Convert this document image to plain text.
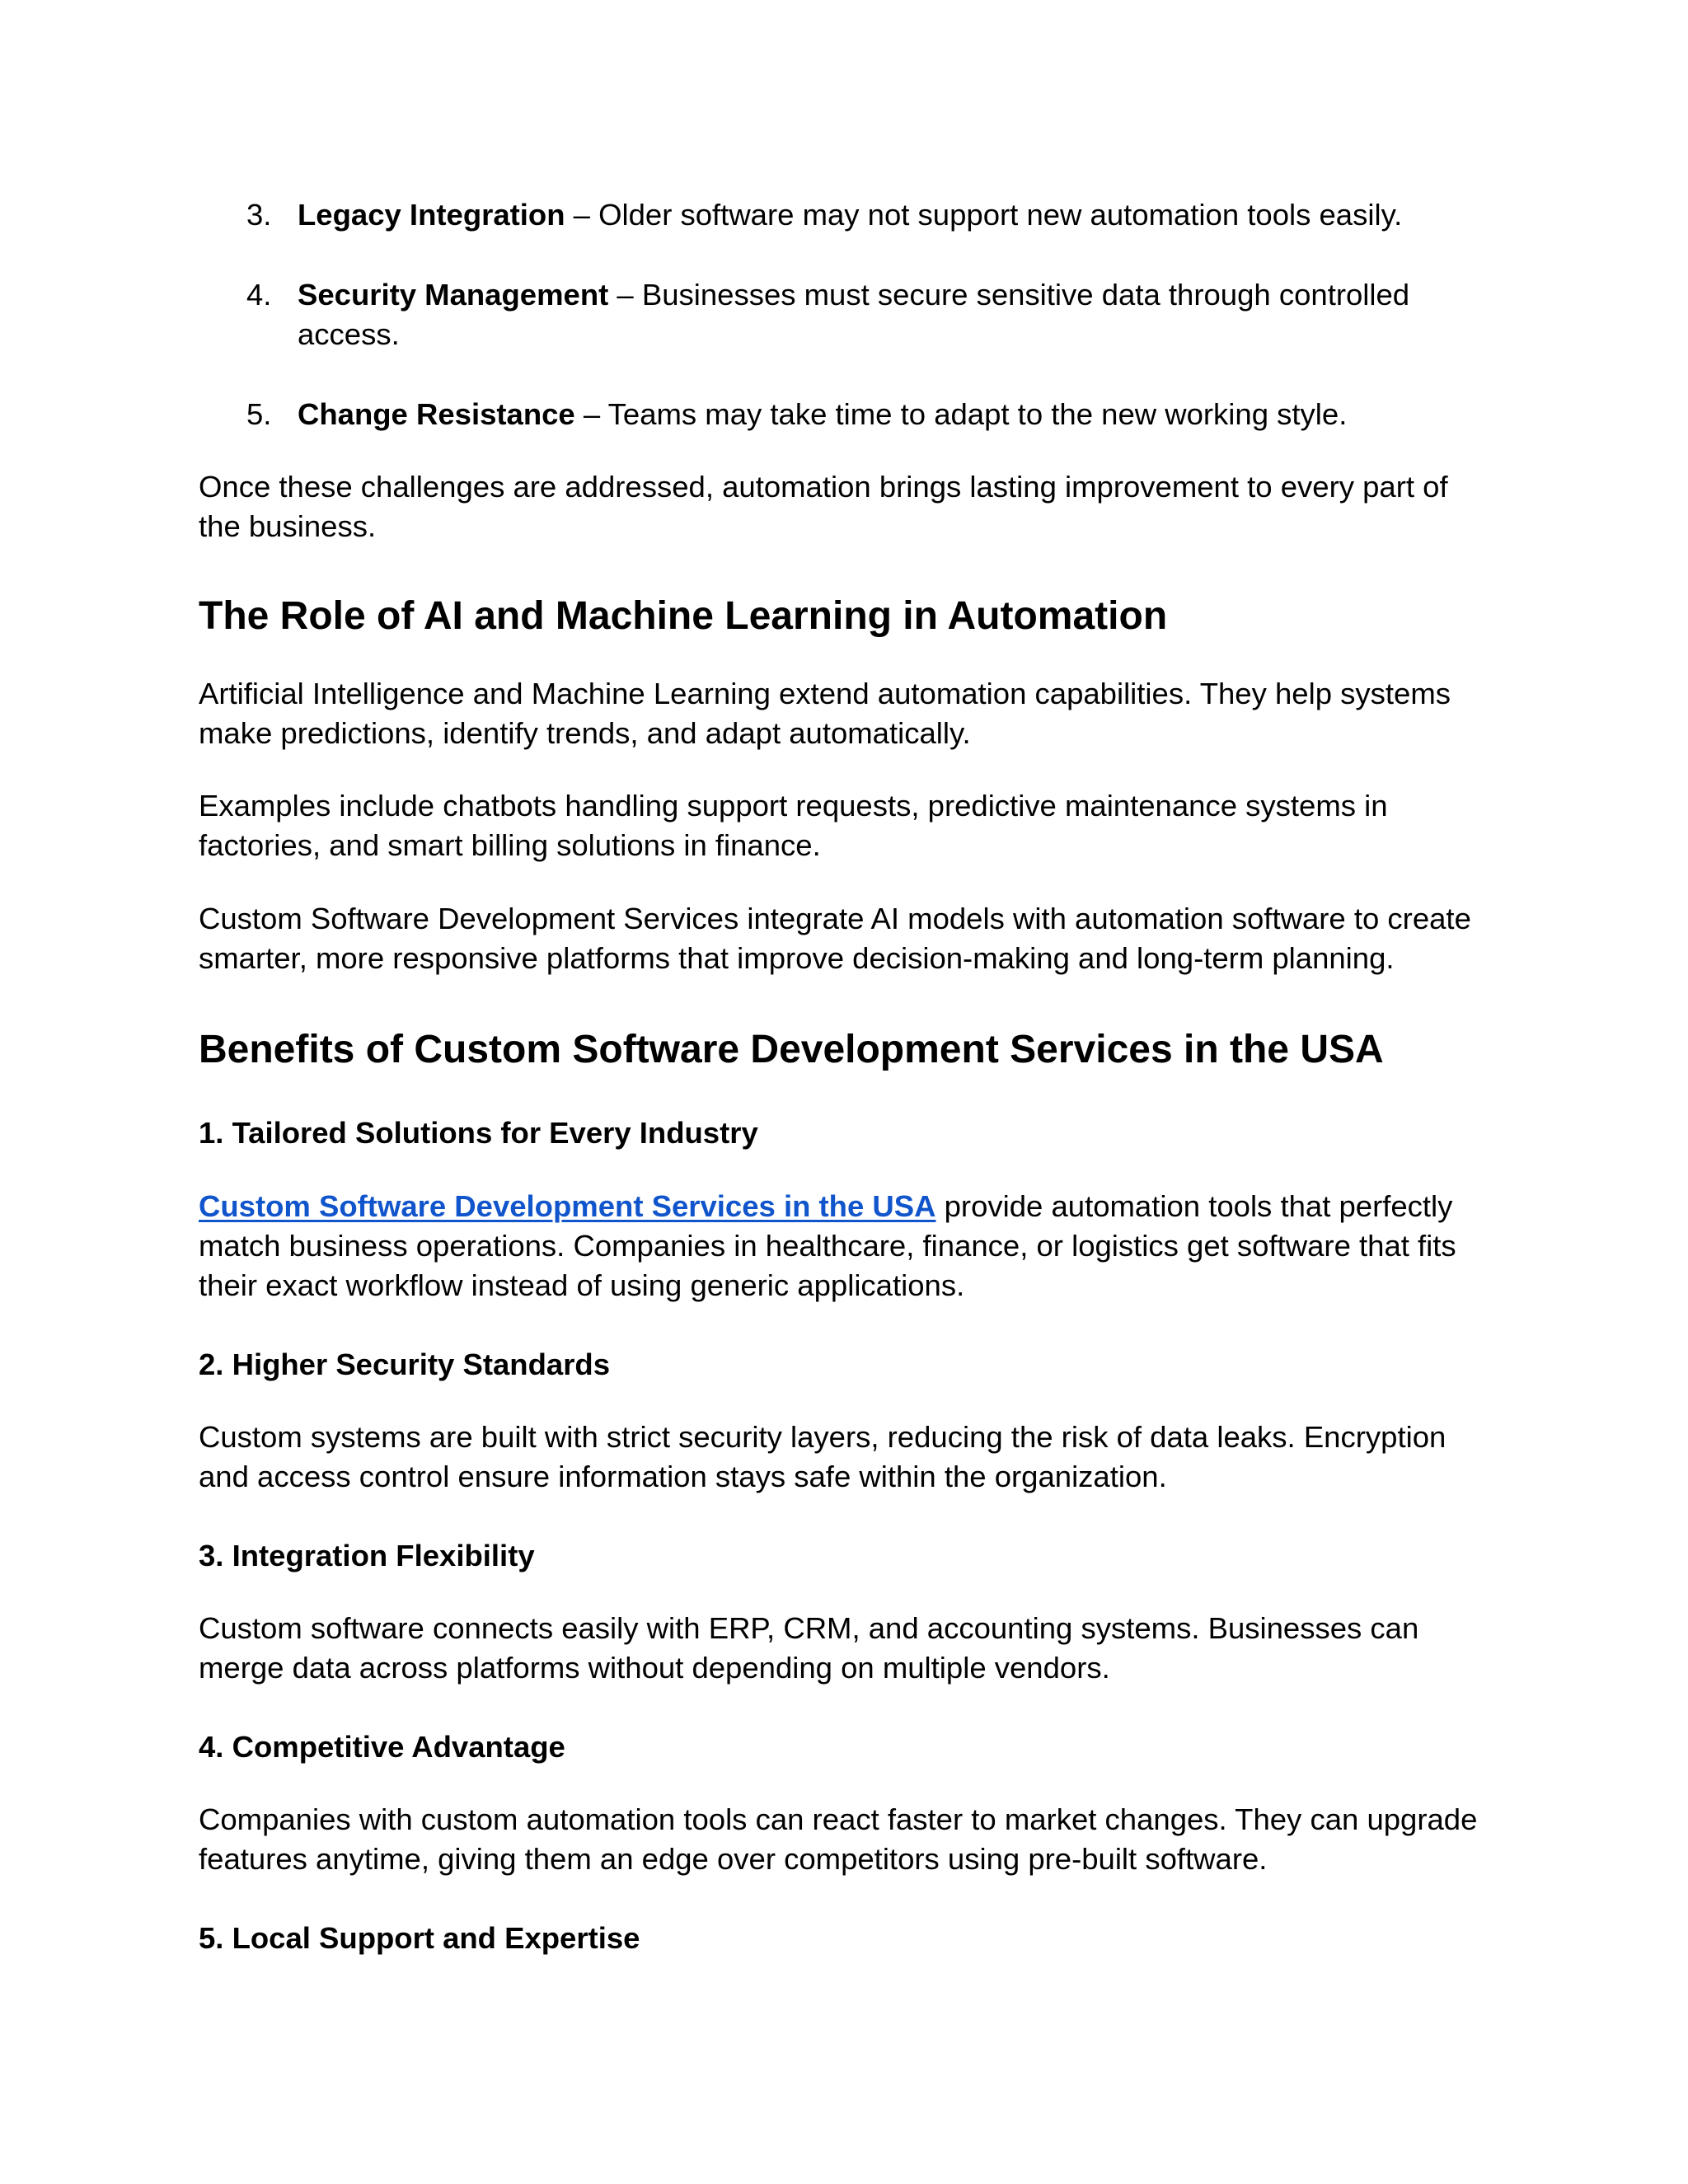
3. Legacy Integration – Older software may not support new automation tools easily.
4. Security Management – Businesses must secure sensitive data through controlled access.
5. Change Resistance – Teams may take time to adapt to the new working style.

Once these challenges are addressed, automation brings lasting improvement to every part of the business.

The Role of AI and Machine Learning in Automation

Artificial Intelligence and Machine Learning extend automation capabilities. They help systems make predictions, identify trends, and adapt automatically.

Examples include chatbots handling support requests, predictive maintenance systems in factories, and smart billing solutions in finance.

Custom Software Development Services integrate AI models with automation software to create smarter, more responsive platforms that improve decision-making and long-term planning.

Benefits of Custom Software Development Services in the USA
1. Tailored Solutions for Every Industry

Custom Software Development Services in the USA provide automation tools that perfectly match business operations. Companies in healthcare, finance, or logistics get software that fits their exact workflow instead of using generic applications.

2. Higher Security Standards

Custom systems are built with strict security layers, reducing the risk of data leaks. Encryption and access control ensure information stays safe within the organization.

3. Integration Flexibility

Custom software connects easily with ERP, CRM, and accounting systems. Businesses can merge data across platforms without depending on multiple vendors.

4. Competitive Advantage

Companies with custom automation tools can react faster to market changes. They can upgrade features anytime, giving them an edge over competitors using pre-built software.

5. Local Support and Expertise
